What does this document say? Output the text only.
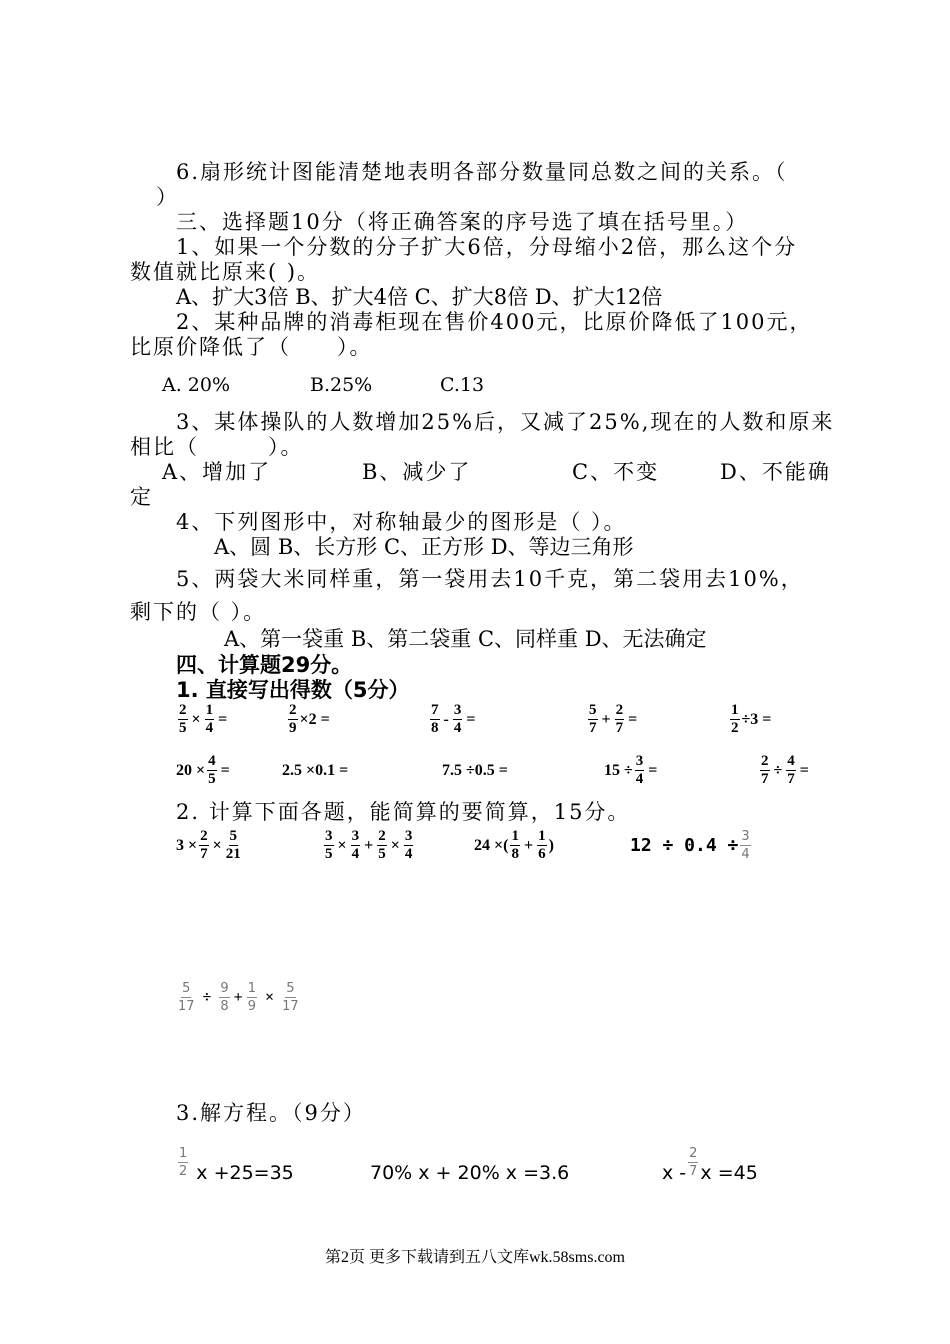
6.扇形统计图能清楚地表明各部分数量同总数之间的关系。（
）
三、选择题10分（将正确答案的序号选了填在括号里。）
1、如果一个分数的分子扩大6倍，分母缩小2倍，那么这个分
数值就比原来( )。
A、扩大3倍 B、扩大4倍 C、扩大8倍 D、扩大12倍
2、某种品牌的消毒柜现在售价400元，比原价降低了100元，
比原价降低了（　　）。
A. 20%	B.25%	C.13
3、某体操队的人数增加25%后，又减了25%,现在的人数和原来
相比（　　　）。
A、增加了	B、减少了	C、不变	D、不能确
定
4、下列图形中，对称轴最少的图形是（ ）。
A、圆 B、长方形 C、正方形 D、等边三角形
5、两袋大米同样重，第一袋用去10千克，第二袋用去10%，
剩下的（ ）。
A、第一袋重 B、第二袋重 C、同样重 D、无法确定
四、计算题29分。
1. 直接写出得数（5分）
$\frac{2}{5} \times \frac{1}{4}$ =	$\frac{2}{9} \times 2$ =	$\frac{7}{8} - \frac{3}{4}$ =	$\frac{5}{7} + \frac{2}{7}$ =	$\frac{1}{2} \div 3$ =
$20 \times \frac{4}{5}$ =	2.5 ×0.1 =	7.5 ÷0.5 =	$15 \div \frac{3}{4}$ =	$\frac{2}{7} \div \frac{4}{7}$ =
2. 计算下面各题，能简算的要简算，15分。
$3 \times \frac{2}{7} \times \frac{5}{21}$	$\frac{3}{5} \times \frac{3}{4} + \frac{2}{5} \times \frac{3}{4}$	24 × ( $\frac{1}{8} + \frac{1}{6}$ )	$12 \div 0.4 \div \frac{3}{4}$
$\frac{5}{17} \div \frac{9}{8} + \frac{1}{9} \times \frac{5}{17}$
3.解方程。（9分）
$\frac{1}{2}$ x +25=35	70% x + 20% x =3.6	x - $\frac{2}{7}$ x =45
第2页 更多下载请到五八文库wk.58sms.com
